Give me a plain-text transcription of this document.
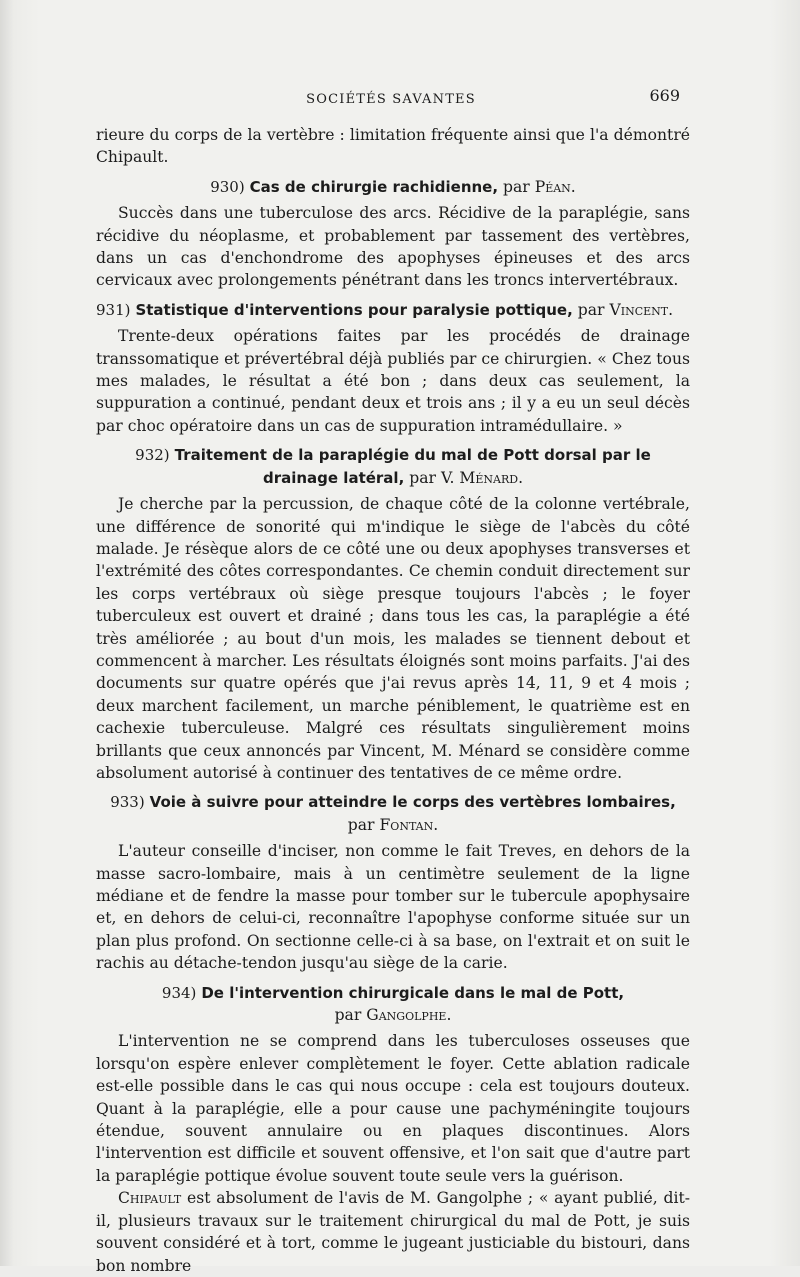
SOCIÉTÉS SAVANTES	669

rieure du corps de la vertèbre : limitation fréquente ainsi que l'a démontré Chipault.

930) Cas de chirurgie rachidienne, par Péan.

Succès dans une tuberculose des arcs. Récidive de la paraplégie, sans récidive du néoplasme, et probablement par tassement des vertèbres, dans un cas d'enchondrome des apophyses épineuses et des arcs cervicaux avec prolongements pénétrant dans les troncs intervertébraux.

931) Statistique d'interventions pour paralysie pottique, par Vincent.

Trente-deux opérations faites par les procédés de drainage transsomatique et prévertébral déjà publiés par ce chirurgien. « Chez tous mes malades, le résultat a été bon ; dans deux cas seulement, la suppuration a continué, pendant deux et trois ans ; il y a eu un seul décès par choc opératoire dans un cas de suppuration intramédullaire. »

932) Traitement de la paraplégie du mal de Pott dorsal par le drainage latéral, par V. Ménard.

Je cherche par la percussion, de chaque côté de la colonne vertébrale, une différence de sonorité qui m'indique le siège de l'abcès du côté malade. Je résèque alors de ce côté une ou deux apophyses transverses et l'extrémité des côtes correspondantes. Ce chemin conduit directement sur les corps vertébraux où siège presque toujours l'abcès ; le foyer tuberculeux est ouvert et drainé ; dans tous les cas, la paraplégie a été très améliorée ; au bout d'un mois, les malades se tiennent debout et commencent à marcher. Les résultats éloignés sont moins parfaits. J'ai des documents sur quatre opérés que j'ai revus après 14, 11, 9 et 4 mois ; deux marchent facilement, un marche péniblement, le quatrième est en cachexie tuberculeuse. Malgré ces résultats singulièrement moins brillants que ceux annoncés par Vincent, M. Ménard se considère comme absolument autorisé à continuer des tentatives de ce même ordre.

933) Voie à suivre pour atteindre le corps des vertèbres lombaires,
par Fontan.

L'auteur conseille d'inciser, non comme le fait Treves, en dehors de la masse sacro-lombaire, mais à un centimètre seulement de la ligne médiane et de fendre la masse pour tomber sur le tubercule apophysaire et, en dehors de celui-ci, reconnaître l'apophyse conforme située sur un plan plus profond. On sectionne celle-ci à sa base, on l'extrait et on suit le rachis au détache-tendon jusqu'au siège de la carie.

934) De l'intervention chirurgicale dans le mal de Pott,
par Gangolphe.

L'intervention ne se comprend dans les tuberculoses osseuses que lorsqu'on espère enlever complètement le foyer. Cette ablation radicale est-elle possible dans le cas qui nous occupe : cela est toujours douteux. Quant à la paraplégie, elle a pour cause une pachyméningite toujours étendue, souvent annulaire ou en plaques discontinues. Alors l'intervention est difficile et souvent offensive, et l'on sait que d'autre part la paraplégie pottique évolue souvent toute seule vers la guérison.

Chipault est absolument de l'avis de M. Gangolphe ; « ayant publié, dit-il, plusieurs travaux sur le traitement chirurgical du mal de Pott, je suis souvent considéré et à tort, comme le jugeant justiciable du bistouri, dans bon nombre
